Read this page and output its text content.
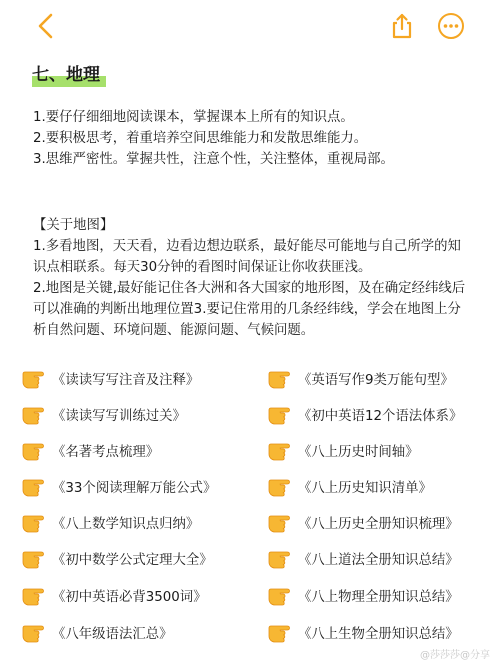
七、地理

1.要仔仔细细地阅读课本，掌握课本上所有的知识点。

2.要积极思考，着重培养空间思维能力和发散思维能力。

3.思维严密性。掌握共性，注意个性，关注整体，重视局部。

【关于地图】

1.多看地图，天天看，边看边想边联系，最好能尽可能地与自己所学的知识点相联系。每天30分钟的看图时间保证让你收获匪浅。

2.地图是关键,最好能记住各大洲和各大国家的地形图，及在确定经纬线后可以准确的判断出地理位置3.要记住常用的几条经纬线，学会在地图上分析自然问题、环境问题、能源问题、气候问题。

《读读写写注音及注释》
《读读写写训练过关》
《名著考点梳理》
《33个阅读理解万能公式》
《八上数学知识点归纳》
《初中数学公式定理大全》
《初中英语必背3500词》
《八年级语法汇总》
《英语写作9类万能句型》
《初中英语12个语法体系》
《八上历史时间轴》
《八上历史知识清单》
《八上历史全册知识梳理》
《八上道法全册知识总结》
《八上物理全册知识总结》
《八上生物全册知识总结》
@莎莎莎@分享
